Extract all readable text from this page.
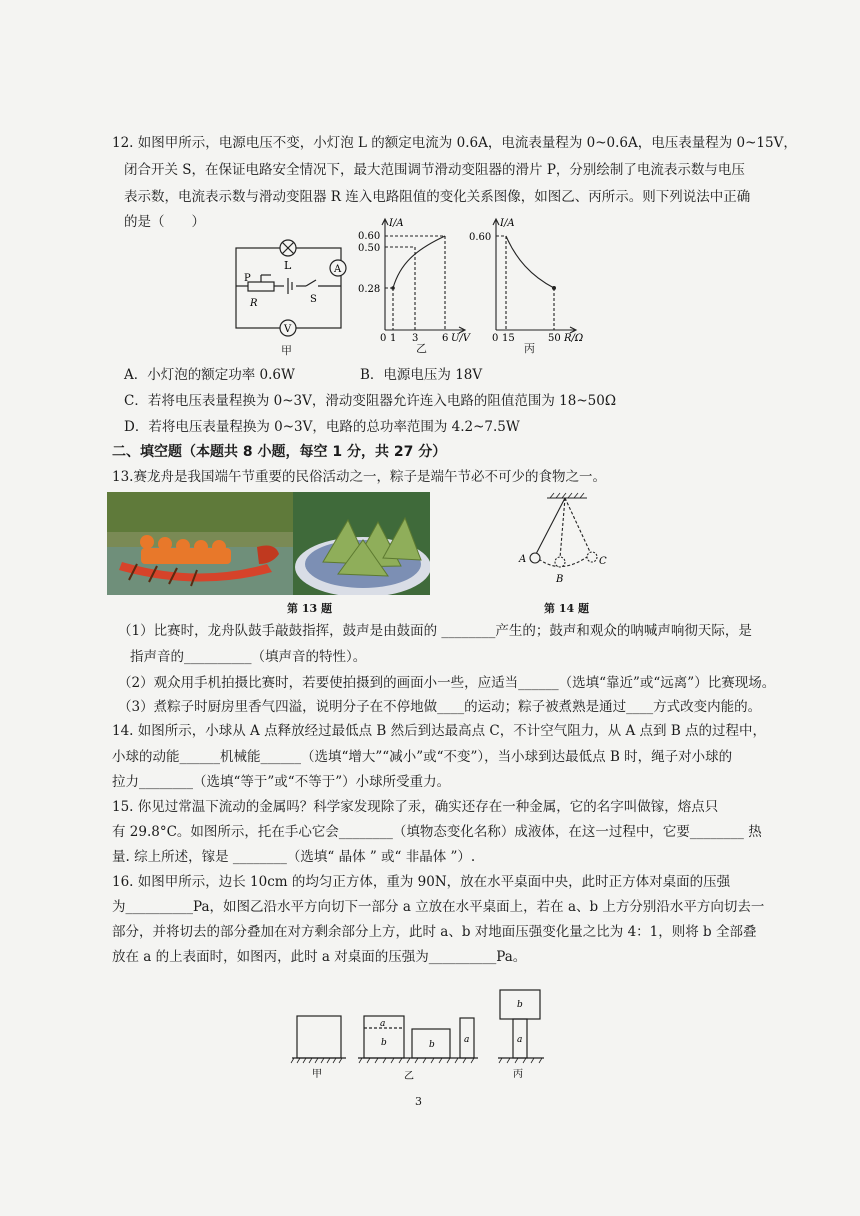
12. 如图甲所示，电源电压不变，小灯泡 L 的额定电流为 0.6A，电流表量程为 0~0.6A，电压表量程为 0~15V，
闭合开关 S，在保证电路安全情况下，最大范围调节滑动变阻器的滑片 P，分别绘制了电流表示数与电压
表示数，电流表示数与滑动变阻器 R 连入电路阻值的变化关系图像，如图乙、丙所示。则下列说法中正确
的是（　　）
L	A
V
P
R	S
甲
I/A
0.60
0.50
0.28
0 1 3 6 U/V
乙
I/A
0.60
0 15	50 R/Ω
丙
A．小灯泡的额定功率 0.6W	B．电源电压为 18V
C．若将电压表量程换为 0~3V，滑动变阻器允许连入电路的阻值范围为 18~50Ω
D．若将电压表量程换为 0~3V，电路的总功率范围为 4.2~7.5W
二、填空题（本题共 8 小题，每空 1 分，共 27 分）
13.赛龙舟是我国端午节重要的民俗活动之一，粽子是端午节必不可少的食物之一。
第 13 题
A
B
C
第 14 题
（1）比赛时，龙舟队鼓手敲鼓指挥，鼓声是由鼓面的 ________产生的；鼓声和观众的呐喊声响彻天际，是
指声音的__________（填声音的特性）。
（2）观众用手机拍摄比赛时，若要使拍摄到的画面小一些，应适当______（选填“靠近”或“远离”）比赛现场。
（3）煮粽子时厨房里香气四溢，说明分子在不停地做____的运动；粽子被煮熟是通过____方式改变内能的。
14. 如图所示，小球从 A 点释放经过最低点 B 然后到达最高点 C，不计空气阻力，从 A 点到 B 点的过程中，
小球的动能______机械能______（选填“增大”“减小”或“不变”），当小球到达最低点 B 时，绳子对小球的
拉力________（选填“等于”或“不等于”）小球所受重力。
15. 你见过常温下流动的金属吗？科学家发现除了汞，确实还存在一种金属，它的名字叫做镓，熔点只
有 29.8°C。如图所示，托在手心它会________（填物态变化名称）成液体，在这一过程中，它要________ 热
量. 综上所述，镓是 ________（选填“ 晶体 ” 或“ 非晶体 ”）.
16. 如图甲所示，边长 10cm 的均匀正方体，重为 90N，放在水平桌面中央，此时正方体对桌面的压强
为__________Pa，如图乙沿水平方向切下一部分 a 立放在水平桌面上，若在 a、b 上方分别沿水平方向切去一
部分，并将切去的部分叠加在对方剩余部分上方，此时 a、b 对地面压强变化量之比为 4：1，则将 b 全部叠
放在 a 的上表面时，如图丙，此时 a 对桌面的压强为__________Pa。
a
b	b	a
b
a
甲	乙	丙
3
